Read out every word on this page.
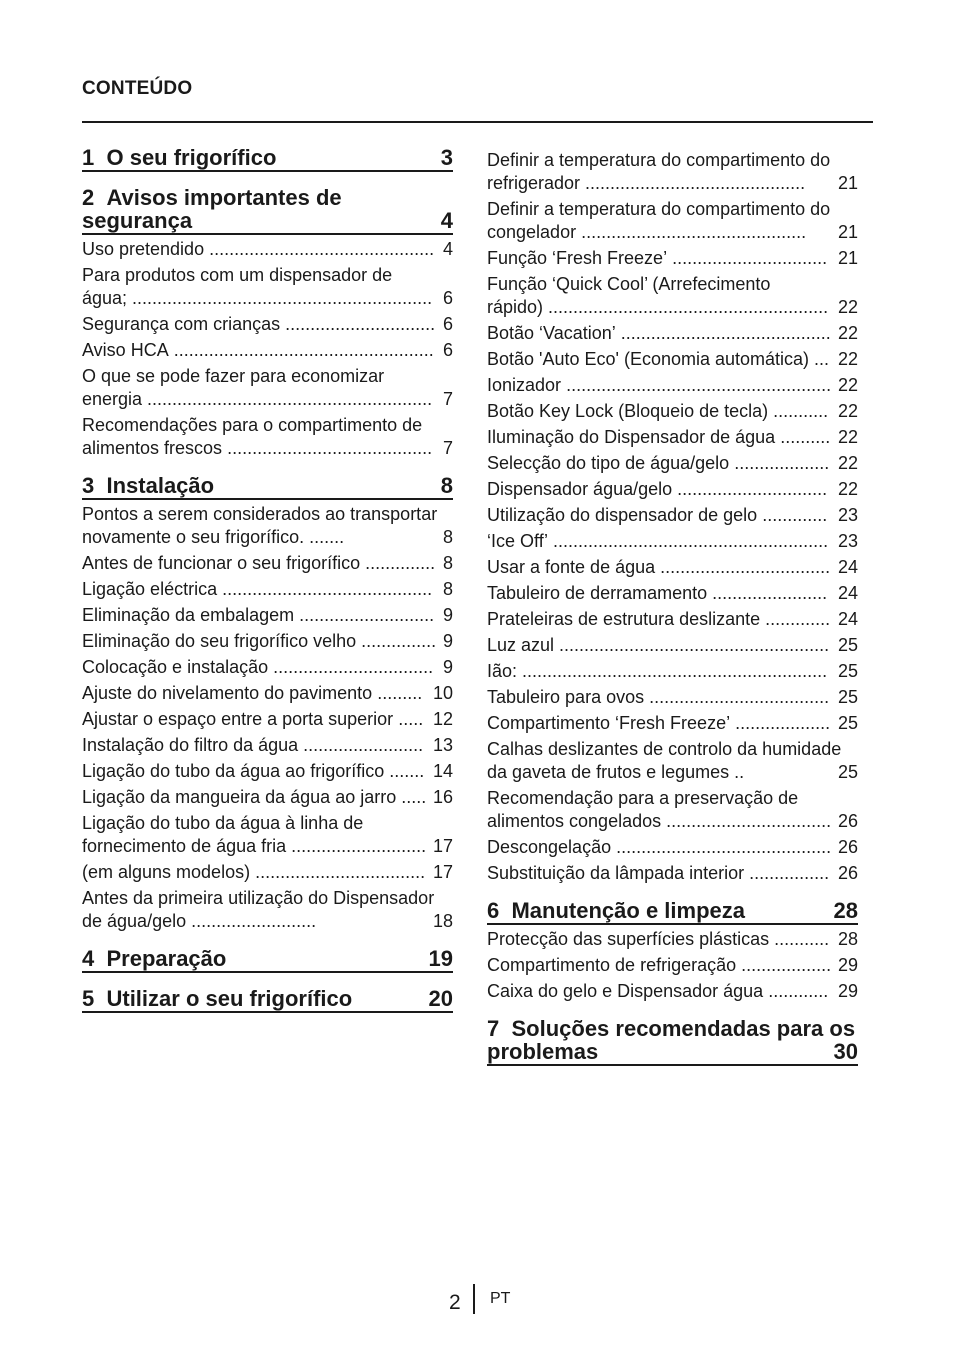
CONTEÚDO
1 O seu frigorífico	3
2 Avisos importantes de segurança	4
Uso pretendido ............................................. 4
Para produtos com um dispensador de água; ............................................................ 6
Segurança com crianças .............................. 6
Aviso HCA .................................................... 6
O que se pode fazer para economizar energia ......................................................... 7
Recomendações para o compartimento de alimentos frescos ......................................... 7
3 Instalação	8
Pontos a serem considerados ao transportar novamente o seu frigorífico. .......	8
Antes de funcionar o seu frigorífico .............. 8
Ligação eléctrica .......................................... 8
Eliminação da embalagem ........................... 9
Eliminação do seu frigorífico velho ............... 9
Colocação e instalação ................................ 9
Ajuste do nivelamento do pavimento ......... 10
Ajustar o espaço entre a porta superior ..... 12
Instalação do filtro da água ........................ 13
Ligação do tubo da água ao frigorífico ....... 14
Ligação da mangueira da água ao jarro ..... 16
Ligação do tubo da água à linha de fornecimento de água fria ........................... 17
(em alguns modelos) .................................. 17
Antes da primeira utilização do Dispensador de água/gelo .........................	18
4 Preparação	19
5 Utilizar o seu frigorífico	20
Definir a temperatura do compartimento do refrigerador ............................................ 21
Definir a temperatura do compartimento do congelador ............................................. 21
Função ‘Fresh Freeze’ ............................... 21
Função ‘Quick Cool’ (Arrefecimento rápido) ........................................................ 22
Botão ‘Vacation’ .......................................... 22
Botão 'Auto Eco' (Economia automática) ... 22
Ionizador ..................................................... 22
Botão Key Lock (Bloqueio de tecla) ........... 22
Iluminação do Dispensador de água .......... 22
Selecção do tipo de água/gelo ................... 22
Dispensador água/gelo .............................. 22
Utilização do dispensador de gelo ............. 23
‘Ice Off’ ....................................................... 23
Usar a fonte de água .................................. 24
Tabuleiro de derramamento ....................... 24
Prateleiras de estrutura deslizante ............. 24
Luz azul ...................................................... 25
Ião: ............................................................. 25
Tabuleiro para ovos .................................... 25
Compartimento ‘Fresh Freeze’ ................... 25
Calhas deslizantes de controlo da humidade da gaveta de frutos e legumes ..	25
Recomendação para a preservação de alimentos congelados ................................. 26
Descongelação ........................................... 26
Substituição da lâmpada interior ................ 26
6 Manutenção e limpeza	28
Protecção das superfícies plásticas ........... 28
Compartimento de refrigeração .................. 29
Caixa do gelo e Dispensador água ............ 29
7 Soluções recomendadas para os problemas	30
2 PT
